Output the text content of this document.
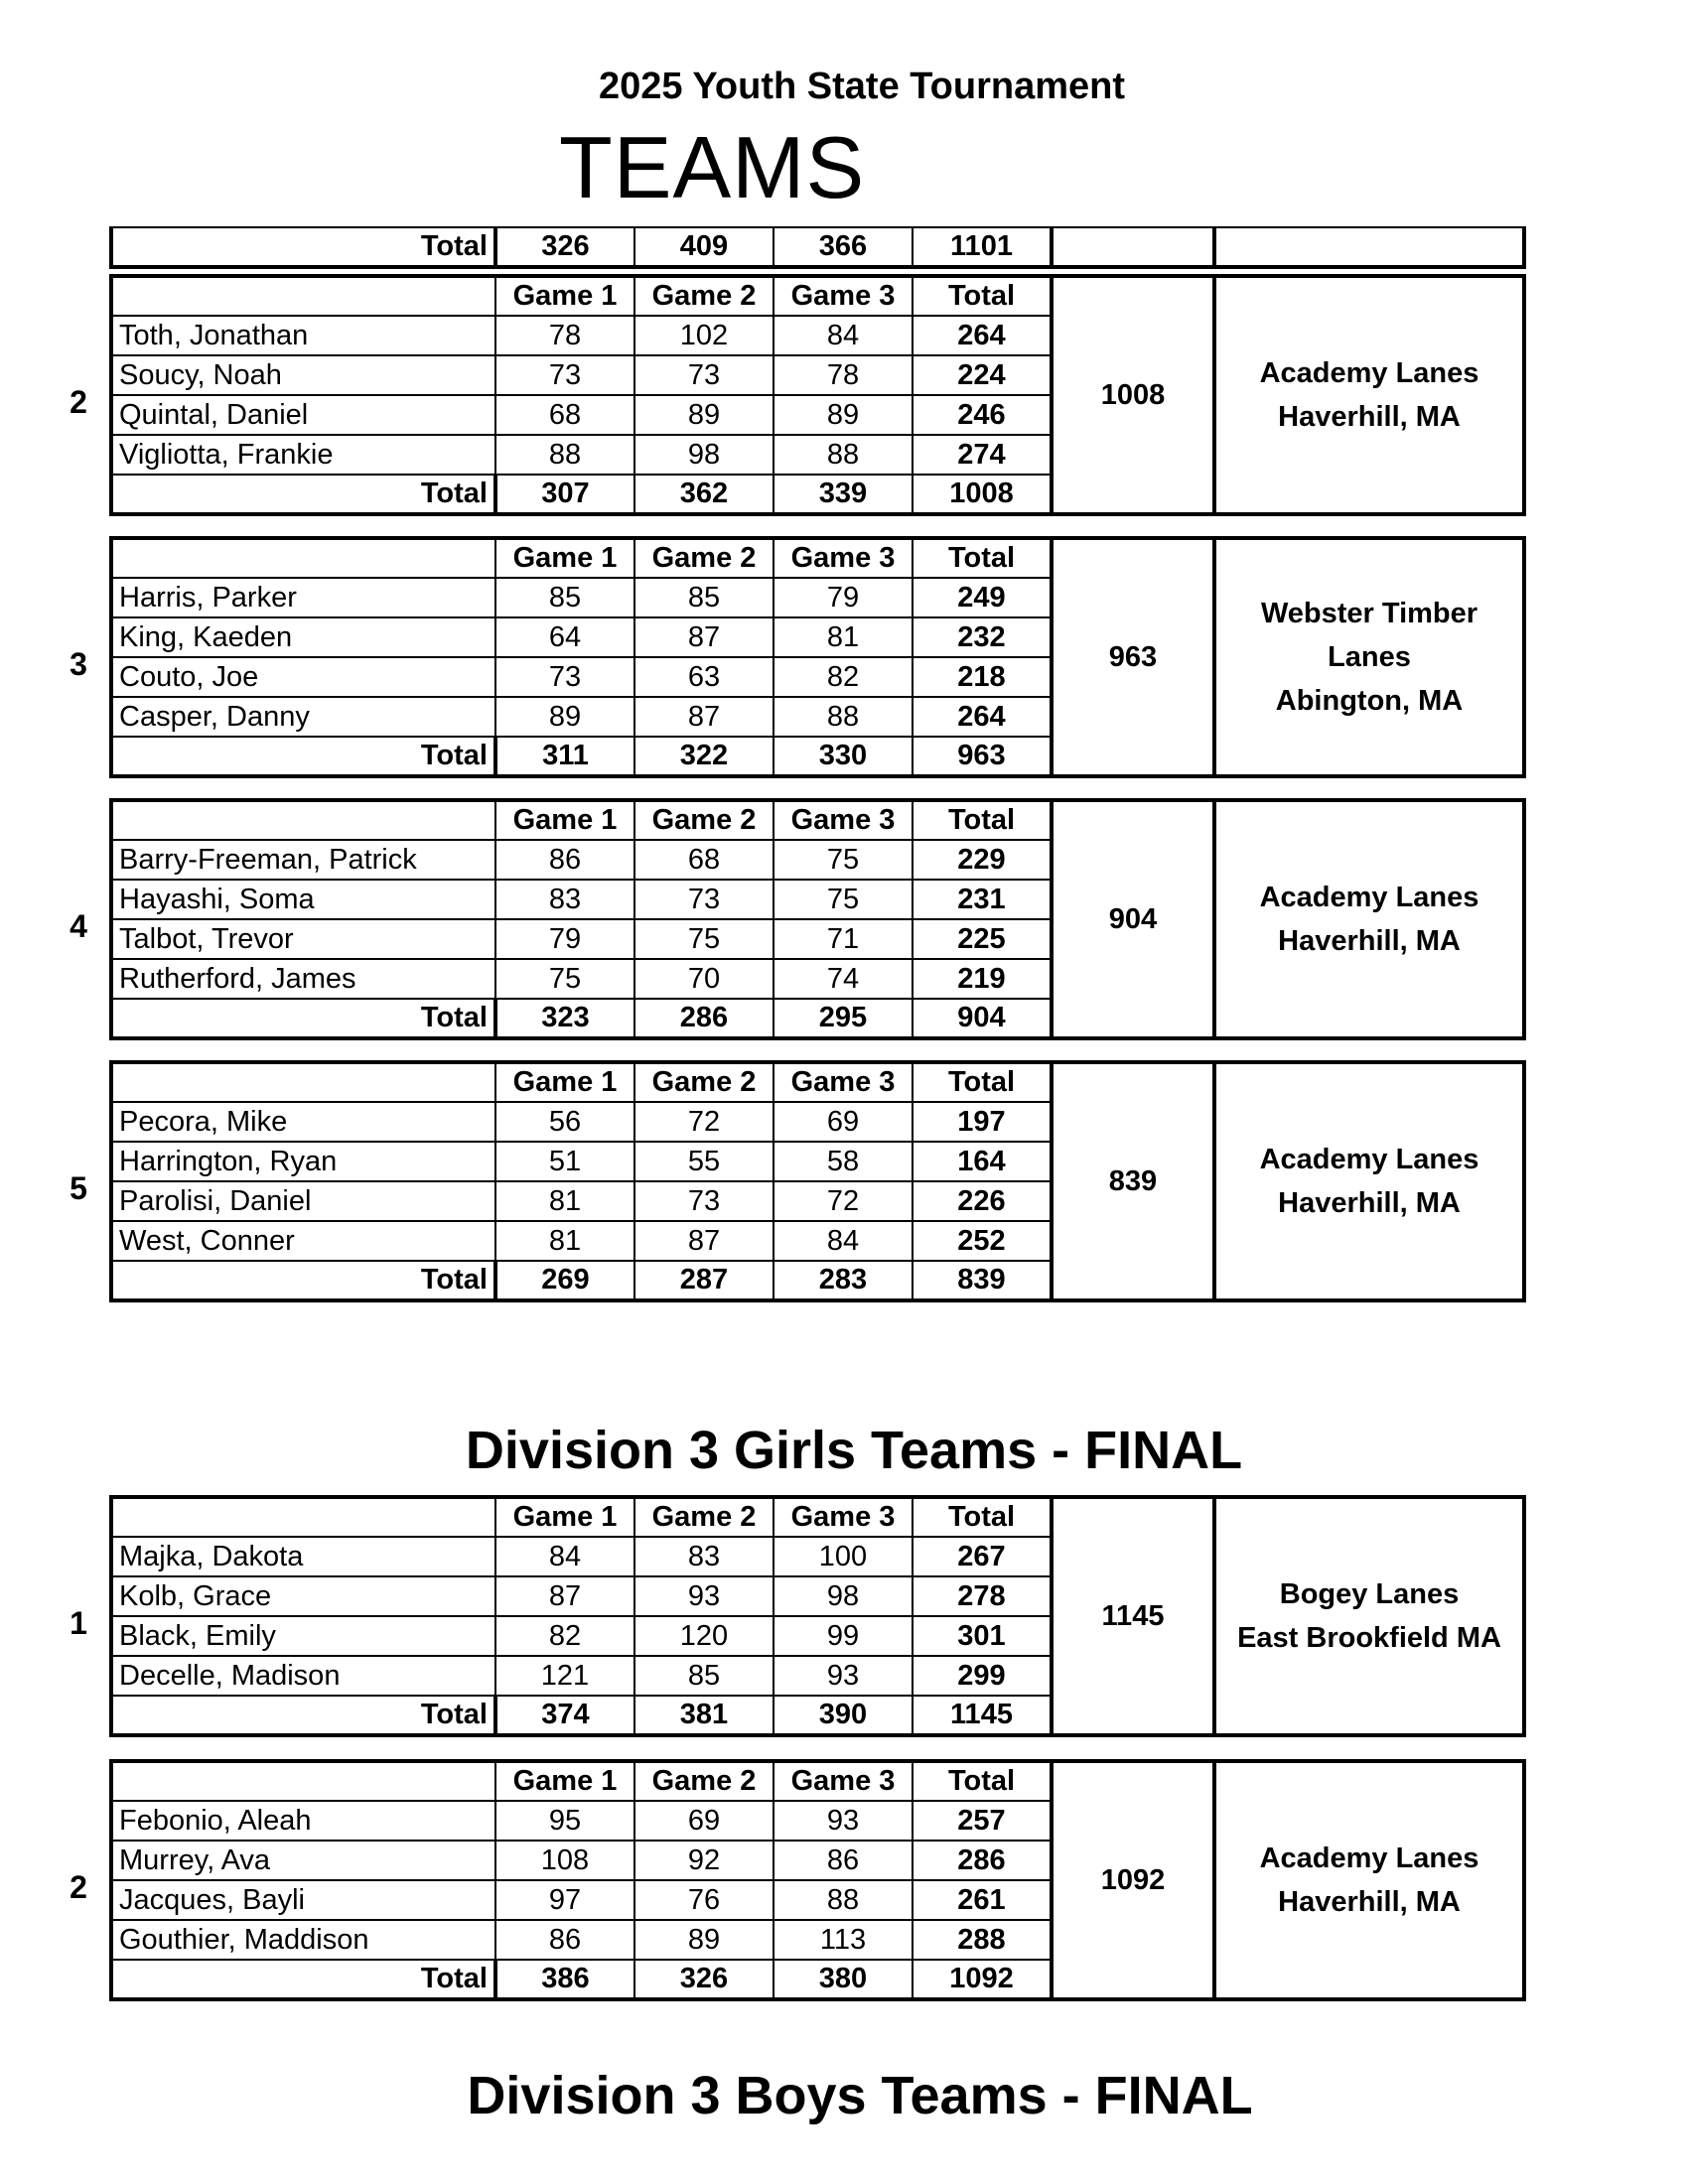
2025 Youth State Tournament
TEAMS
Division 3 Girls Teams - FINAL
Division 3 Boys Teams - FINAL
Total	326	409	366	1101		
2
	Game 1	Game 2	Game 3	Total	1008	Academy Lanes
Haverhill, MA

Toth, Jonathan	78	102	84	264		
Soucy, Noah	73	73	78	224		
Quintal, Daniel	68	89	89	246		
Vigliotta, Frankie	88	98	88	274		
Total	307	362	339	1008		
3
	Game 1	Game 2	Game 3	Total	963	Webster Timber
Lanes
Abington, MA

Harris, Parker	85	85	79	249		
King, Kaeden	64	87	81	232		
Couto, Joe	73	63	82	218		
Casper, Danny	89	87	88	264		
Total	311	322	330	963		
4
	Game 1	Game 2	Game 3	Total	904	Academy Lanes
Haverhill, MA

Barry-Freeman, Patrick	86	68	75	229		
Hayashi, Soma	83	73	75	231		
Talbot, Trevor	79	75	71	225		
Rutherford, James	75	70	74	219		
Total	323	286	295	904		
5
	Game 1	Game 2	Game 3	Total	839	Academy Lanes
Haverhill, MA

Pecora, Mike	56	72	69	197		
Harrington, Ryan	51	55	58	164		
Parolisi, Daniel	81	73	72	226		
West, Conner	81	87	84	252		
Total	269	287	283	839		
1
	Game 1	Game 2	Game 3	Total	1145	Bogey Lanes
East Brookfield MA

Majka, Dakota	84	83	100	267		
Kolb, Grace	87	93	98	278		
Black, Emily	82	120	99	301		
Decelle, Madison	121	85	93	299		
Total	374	381	390	1145		
2
	Game 1	Game 2	Game 3	Total	1092	Academy Lanes
Haverhill, MA

Febonio, Aleah	95	69	93	257		
Murrey, Ava	108	92	86	286		
Jacques, Bayli	97	76	88	261		
Gouthier, Maddison	86	89	113	288		
Total	386	326	380	1092		
